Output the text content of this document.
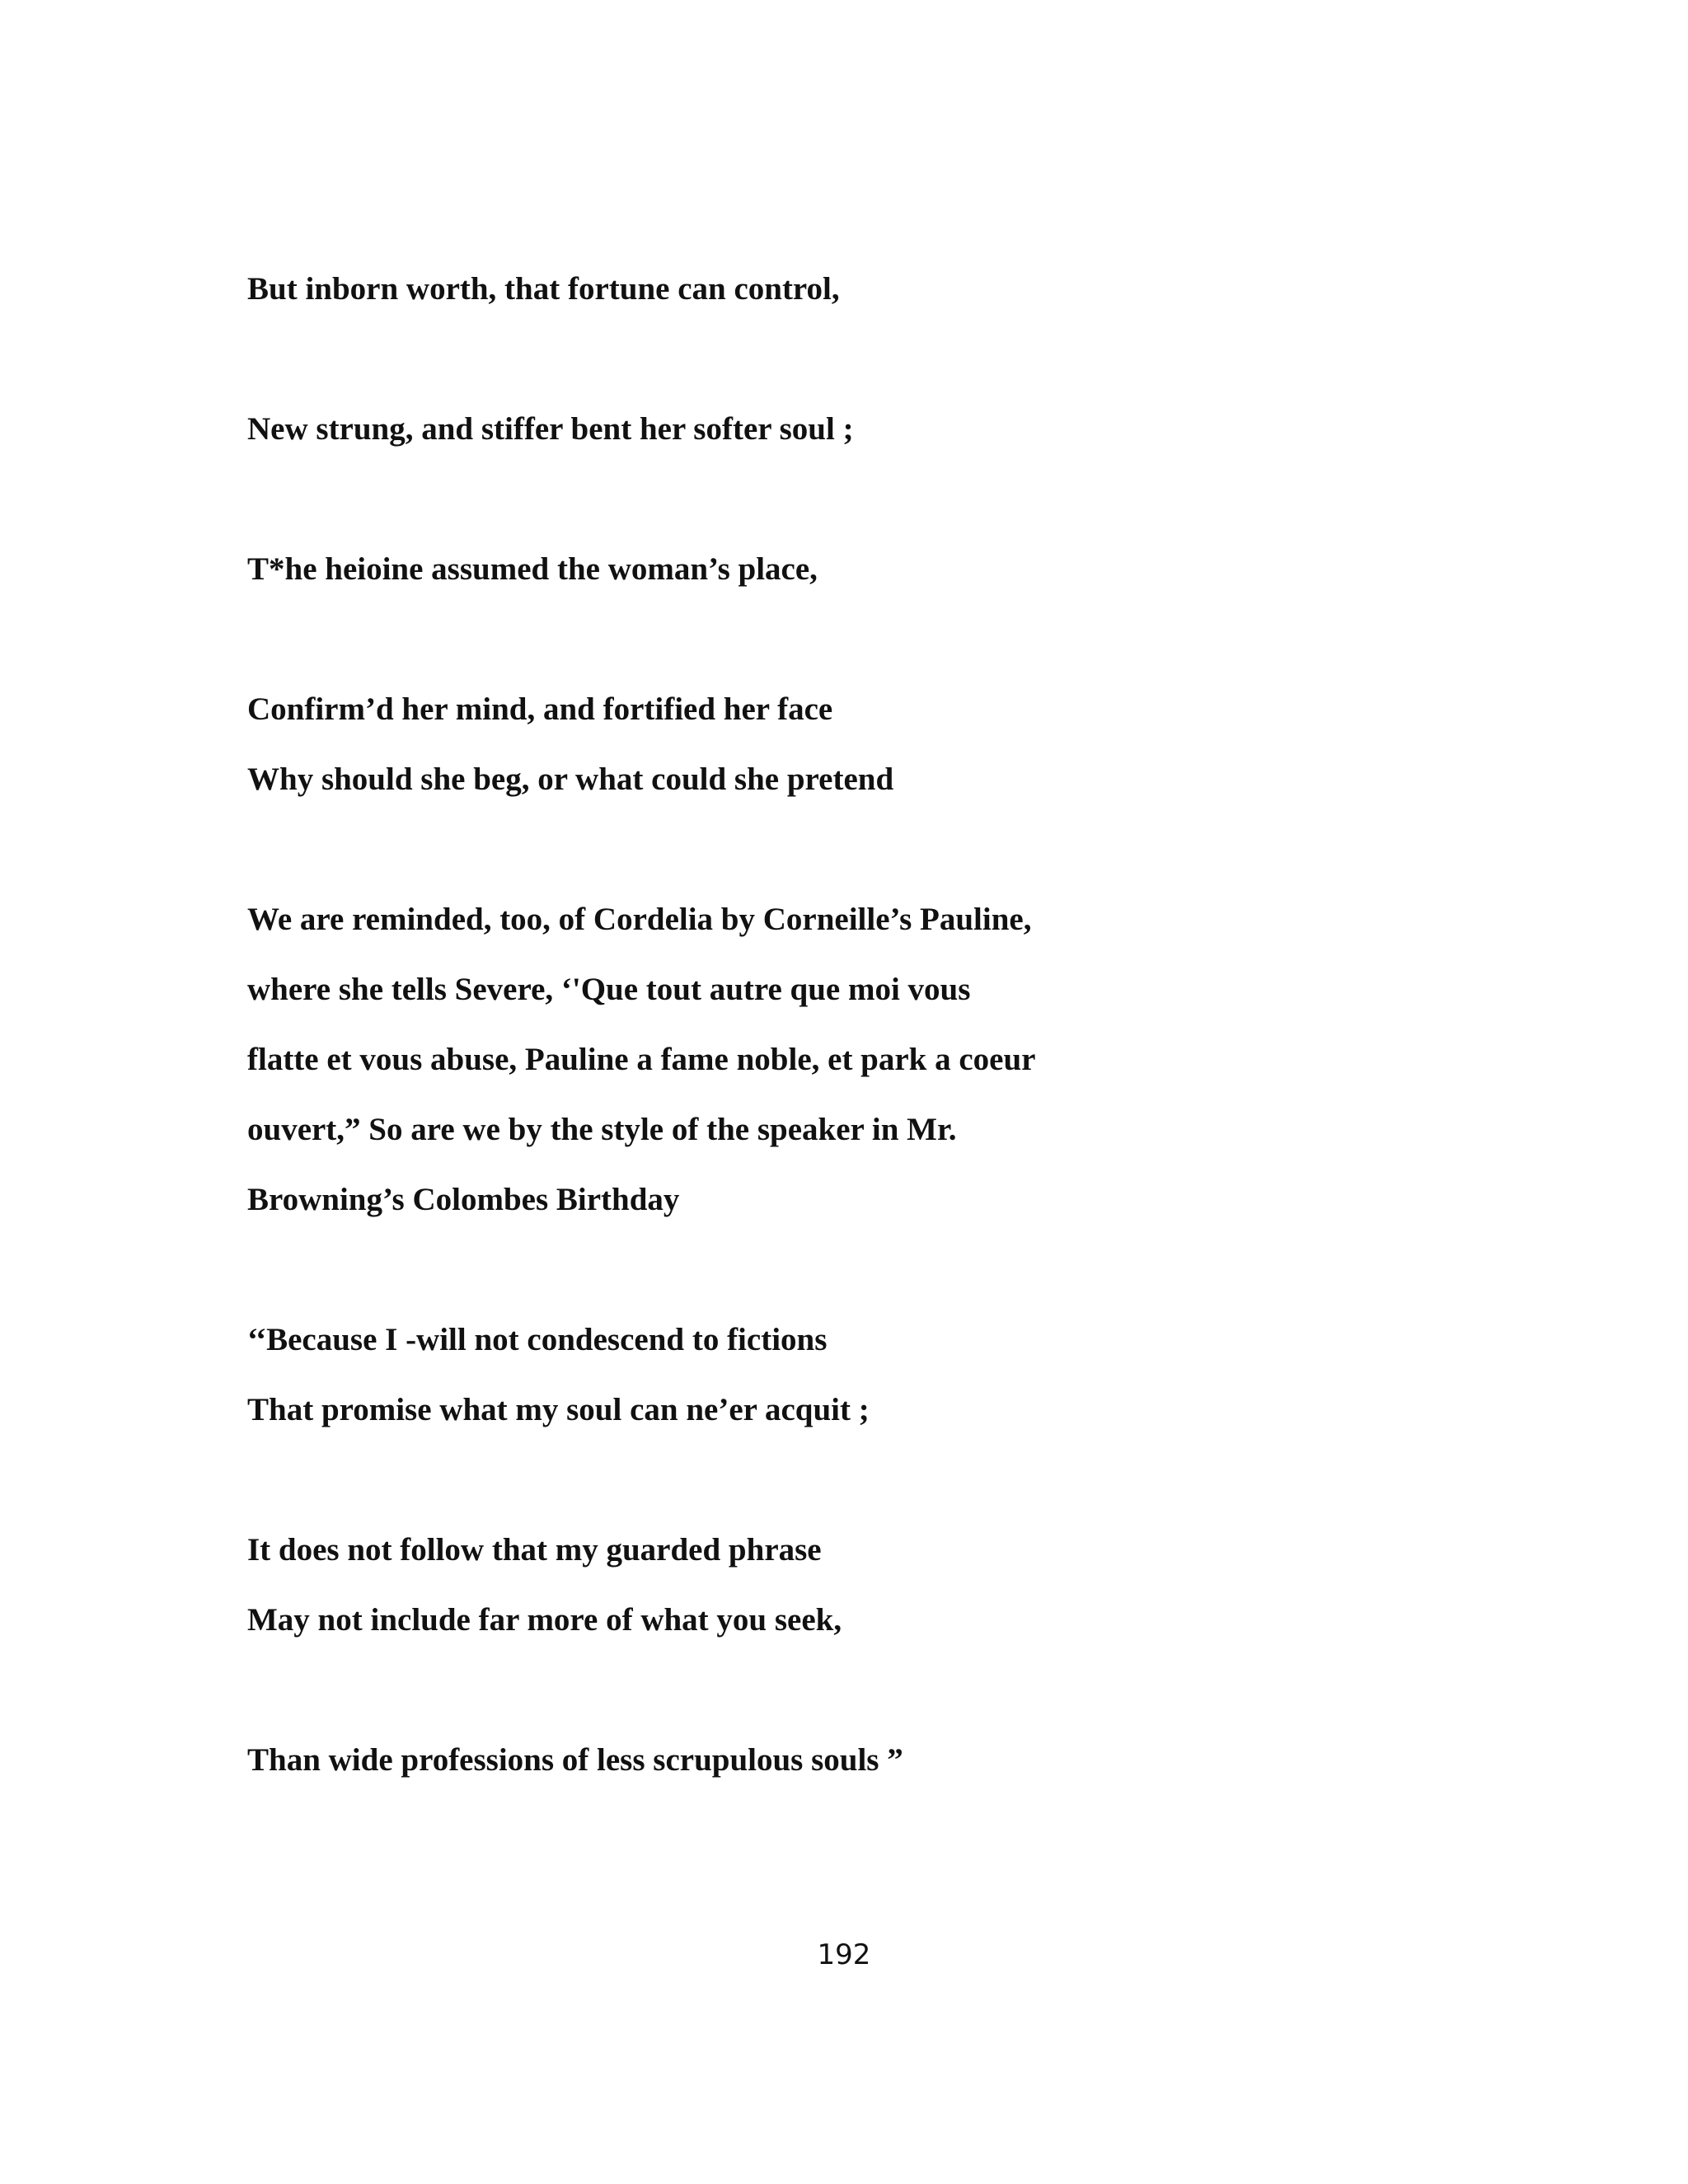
But inborn worth, that fortune can control,

New strung, and stiffer bent her softer soul ;

T*he heioine assumed the woman’s place,

Confirm’d her mind, and fortified her face

Why should she beg, or what could she pretend

We are reminded, too, of Cordelia by Corneille’s Pauline,

where she tells Severe, ‘'Que tout autre que moi vous

flatte et vous abuse, Pauline a fame noble, et park a coeur

ouvert,” So are we by the style of the speaker in Mr.

Browning’s Colombes Birthday

‘‘Because I -will not condescend to fictions

That promise what my soul can ne’er acquit ;

It does not follow that my guarded phrase

May not include far more of what you seek,

Than wide professions of less scrupulous souls ”

192
